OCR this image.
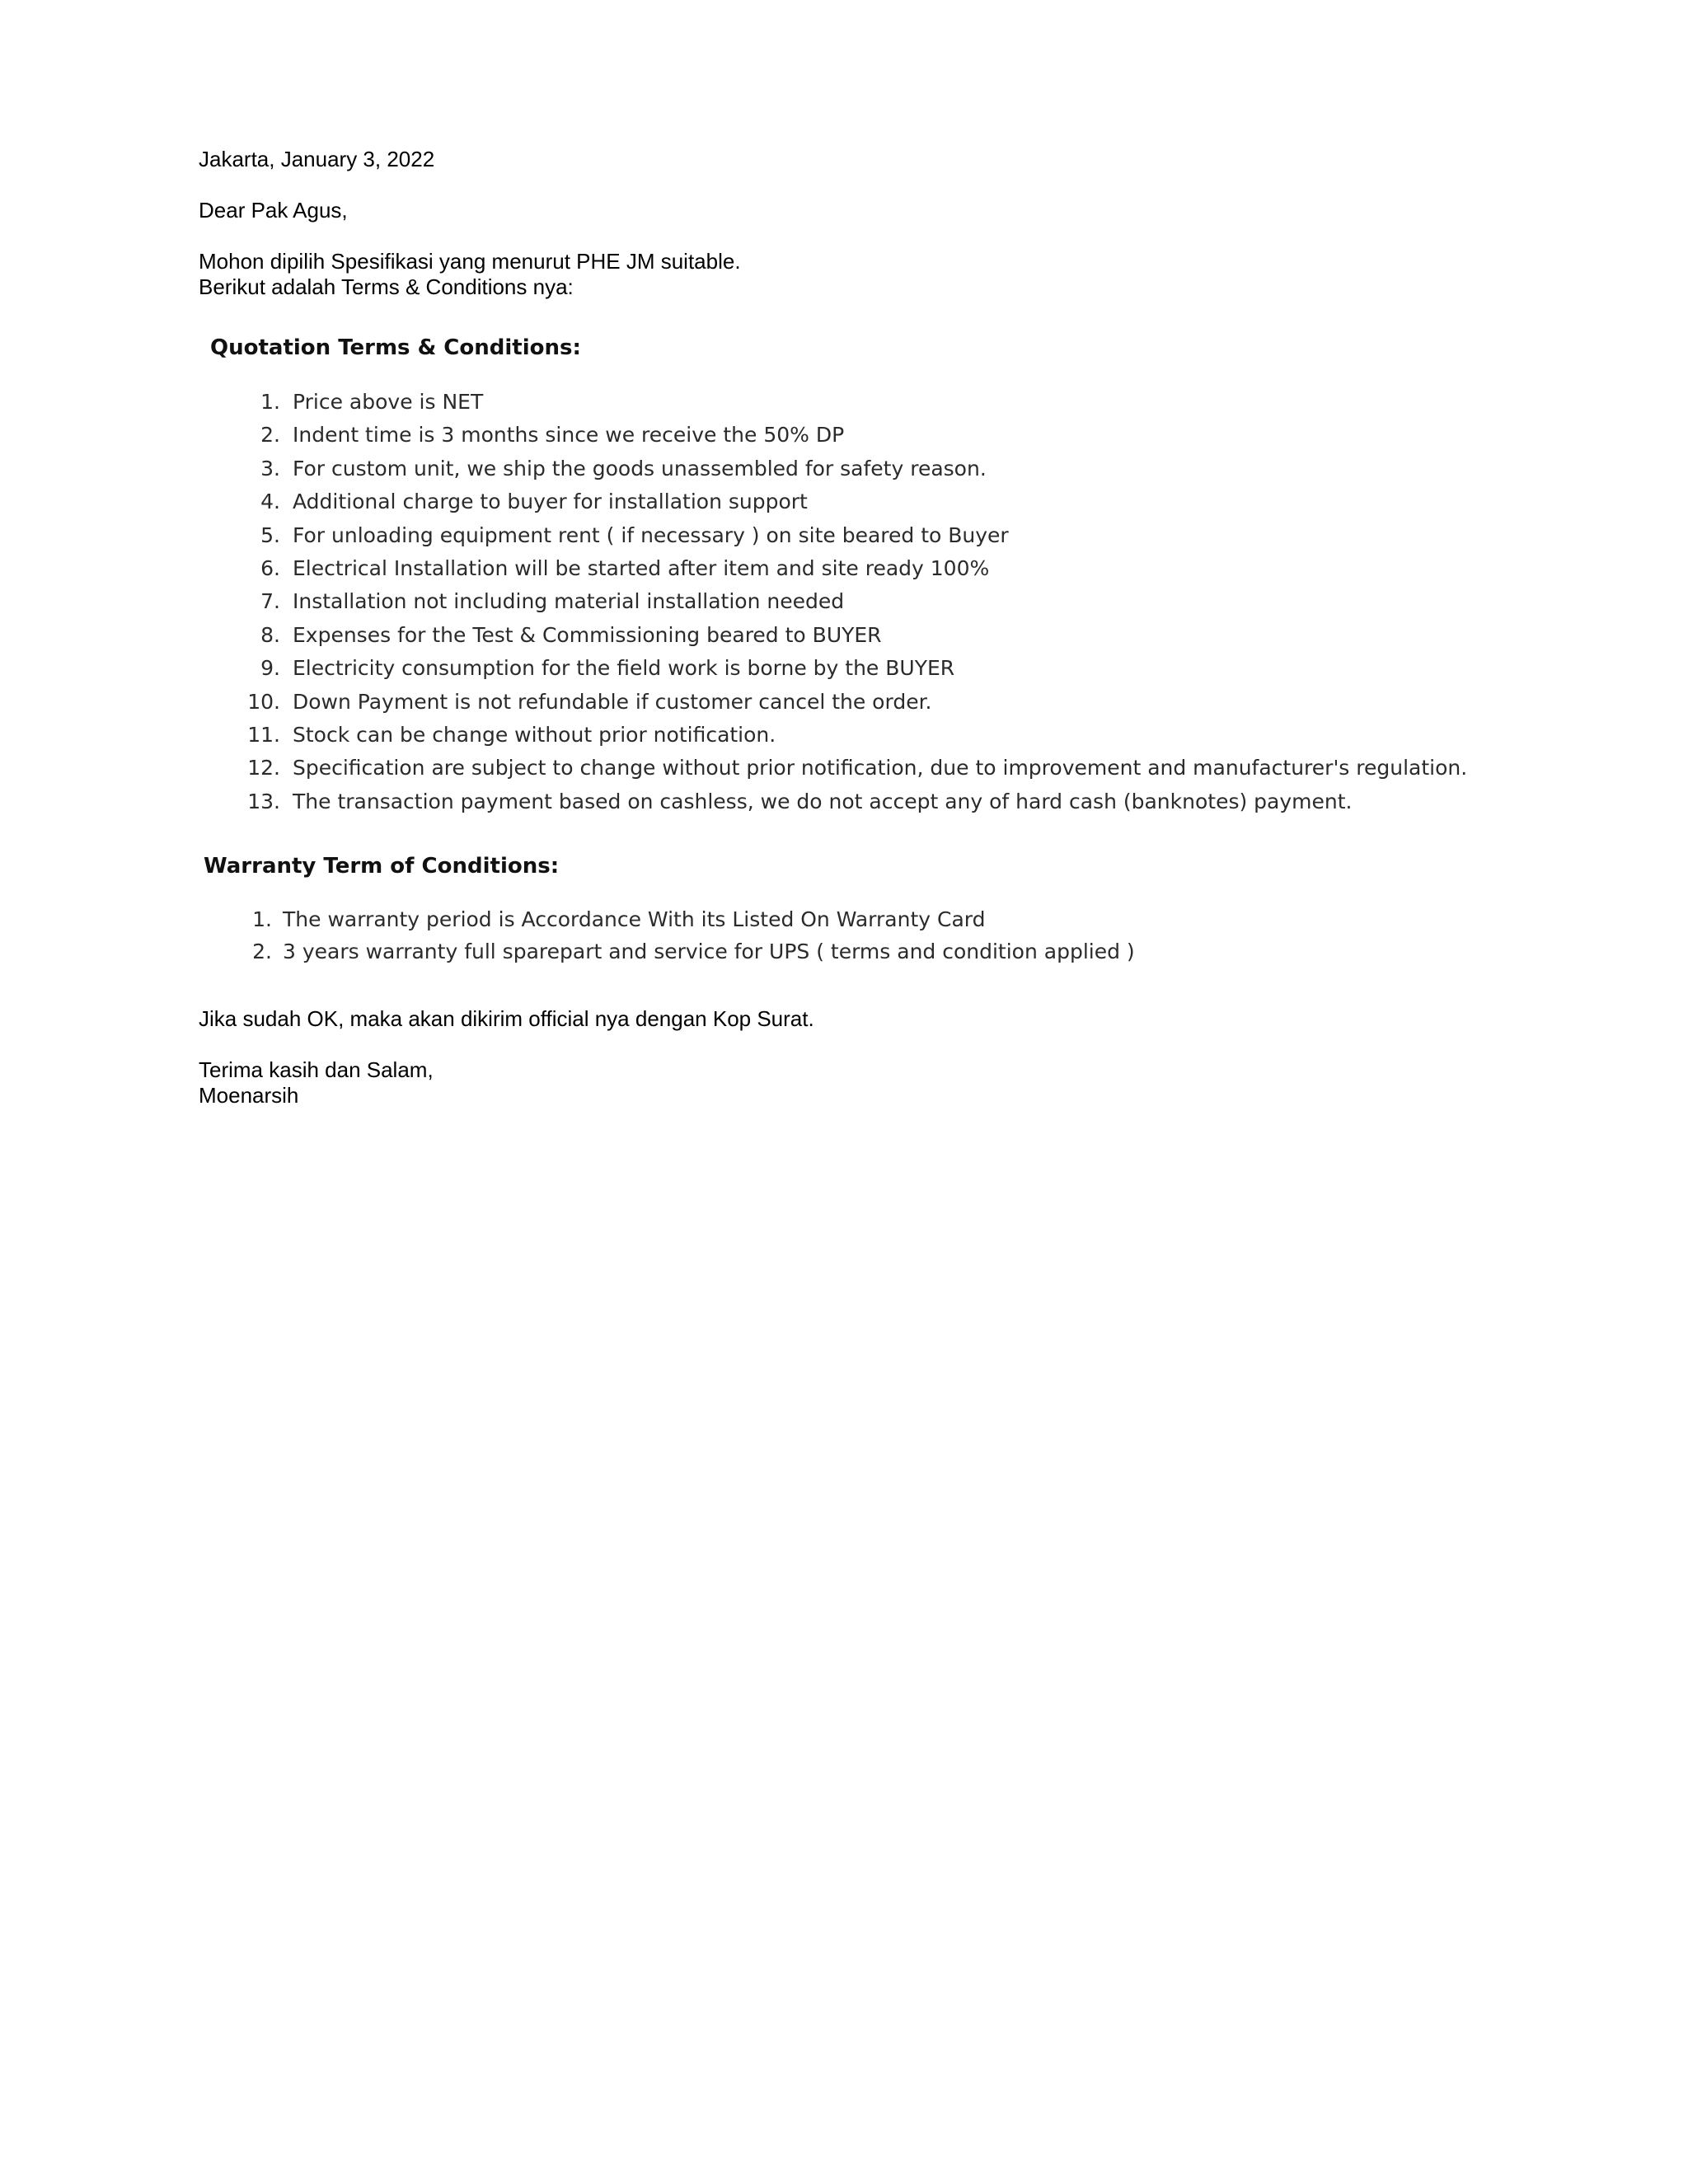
Jakarta, January 3, 2022
Dear Pak Agus,
Mohon dipilih Spesifikasi yang menurut PHE JM suitable.
Berikut adalah Terms & Conditions nya:
Quotation Terms & Conditions:
1. Price above is NET
2. Indent time is 3 months since we receive the 50% DP
3. For custom unit, we ship the goods unassembled for safety reason.
4. Additional charge to buyer for installation support
5. For unloading equipment rent ( if necessary ) on site beared to Buyer
6. Electrical Installation will be started after item and site ready 100%
7. Installation not including material installation needed
8. Expenses for the Test & Commissioning beared to BUYER
9. Electricity consumption for the field work is borne by the BUYER
10. Down Payment is not refundable if customer cancel the order.
11. Stock can be change without prior notification.
12. Specification are subject to change without prior notification, due to improvement and manufacturer's regulation.
13. The transaction payment based on cashless, we do not accept any of hard cash (banknotes) payment.
Warranty Term of Conditions:
1. The warranty period is Accordance With its Listed On Warranty Card
2. 3 years warranty full sparepart and service for UPS ( terms and condition applied )
Jika sudah OK, maka akan dikirim official nya dengan Kop Surat.
Terima kasih dan Salam,
Moenarsih
